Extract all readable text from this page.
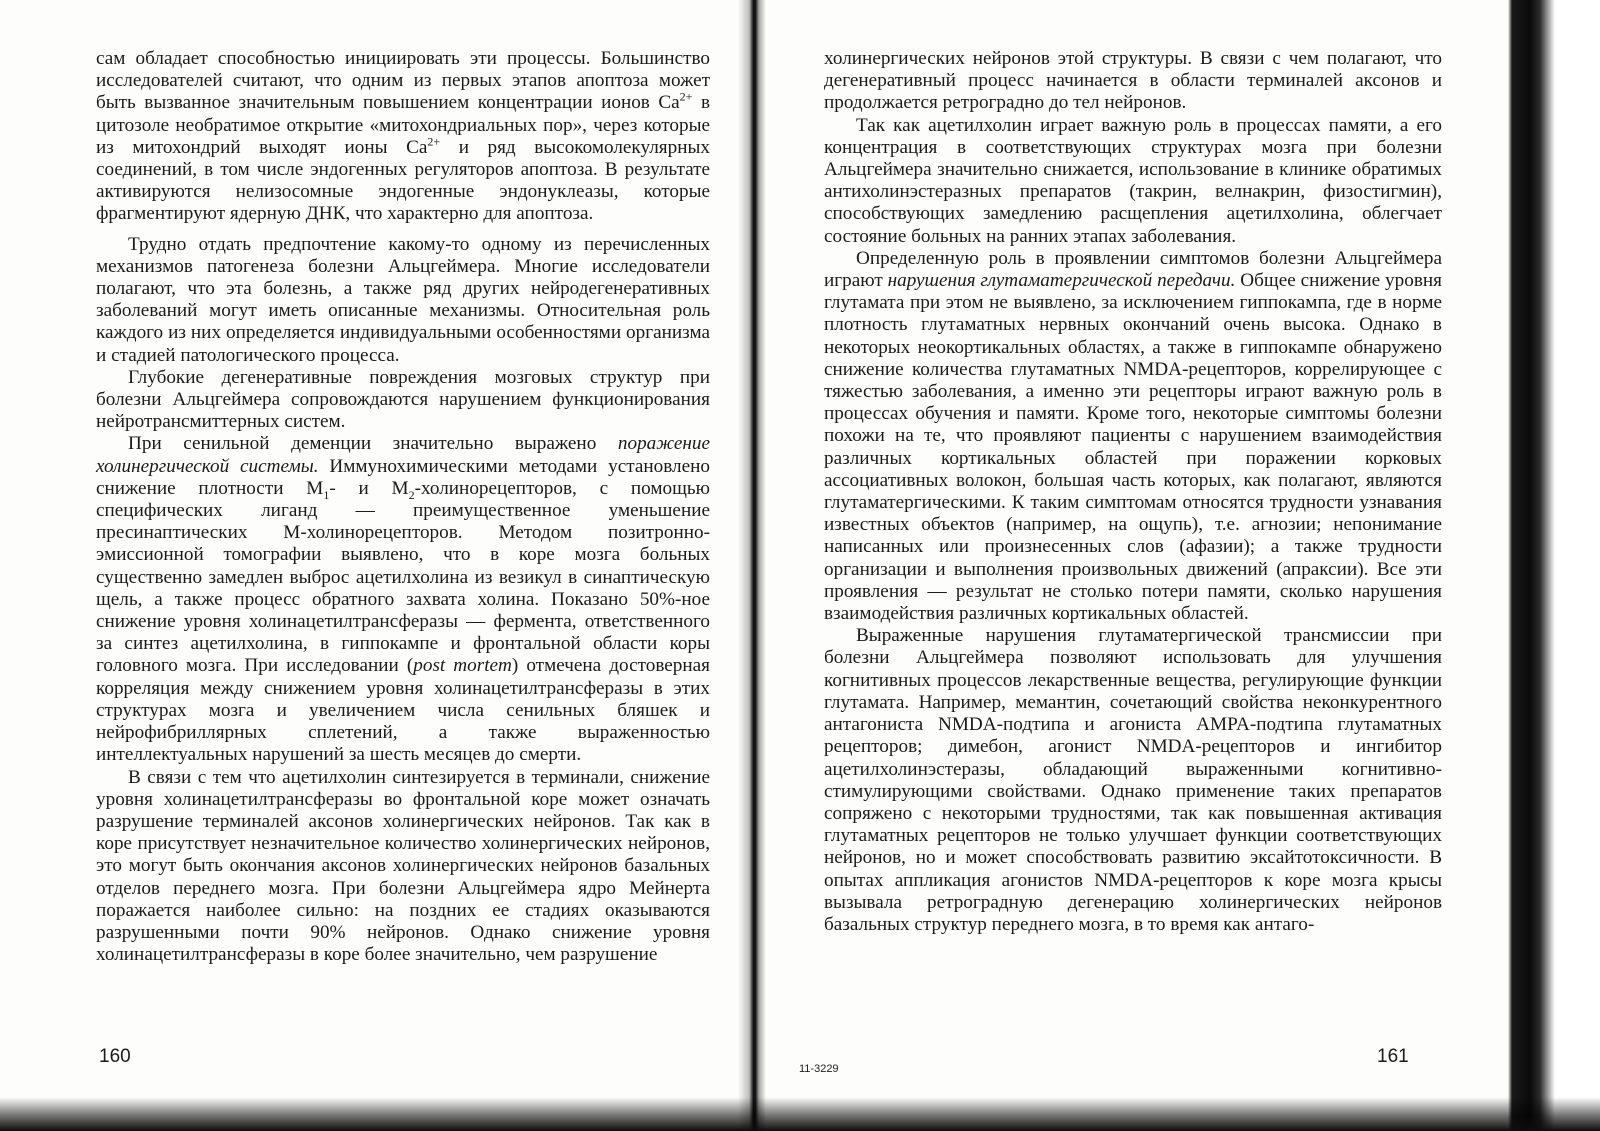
сам обладает способностью инициировать эти процессы. Большинство исследователей считают, что одним из первых этапов апоптоза может быть вызванное значительным повышением концентрации ионов $Са^{2+}$ в цитозоле необратимое открытие «митохондриальных пор», через которые из митохондрий выходят ионы $Са^{2+}$ и ряд высокомолекулярных соединений, в том числе эндогенных регуляторов апоптоза. В результате активируются нелизосомные эндогенные эндонуклеазы, которые фрагментируют ядерную ДНК, что характерно для апоптоза.

Трудно отдать предпочтение какому-то одному из перечисленных механизмов патогенеза болезни Альцгеймера. Многие исследователи полагают, что эта болезнь, а также ряд других нейродегенеративных заболеваний могут иметь описанные механизмы. Относительная роль каждого из них определяется индивидуальными особенностями организма и стадией патологического процесса.

Глубокие дегенеративные повреждения мозговых структур при болезни Альцгеймера сопровождаются нарушением функционирования нейротрансмиттерных систем.

При сенильной деменции значительно выражено поражение холинергической системы. Иммунохимическими методами установлено снижение плотности $М_1-$ и $М_2$-холинорецепторов, с помощью специфических лиганд — преимущественное уменьшение пресинаптических М-холинорецепторов. Методом позитронно-эмиссионной томографии выявлено, что в коре мозга больных существенно замедлен выброс ацетилхолина из везикул в синаптическую щель, а также процесс обратного захвата холина. Показано 50%-ное снижение уровня холинацетилтрансферазы — фермента, ответственного за синтез ацетилхолина, в гиппокампе и фронтальной области коры головного мозга. При исследовании (post mortem) отмечена достоверная корреляция между снижением уровня холинацетилтрансферазы в этих структурах мозга и увеличением числа сенильных бляшек и нейрофибриллярных сплетений, а также выраженностью интеллектуальных нарушений за шесть месяцев до смерти.

В связи с тем что ацетилхолин синтезируется в терминали, снижение уровня холинацетилтрансферазы во фронтальной коре может означать разрушение терминалей аксонов холинергических нейронов. Так как в коре присутствует незначительное количество холинергических нейронов, это могут быть окончания аксонов холинергических нейронов базальных отделов переднего мозга. При болезни Альцгеймера ядро Мейнерта поражается наиболее сильно: на поздних ее стадиях оказываются разрушенными почти 90% нейронов. Однако снижение уровня холинацетилтрансферазы в коре более значительно, чем разрушение

160

холинергических нейронов этой структуры. В связи с чем полагают, что дегенеративный процесс начинается в области терминалей аксонов и продолжается ретроградно до тел нейронов.

Так как ацетилхолин играет важную роль в процессах памяти, а его концентрация в соответствующих структурах мозга при болезни Альцгеймера значительно снижается, использование в клинике обратимых антихолинэстеразных препаратов (такрин, велнакрин, физостигмин), способствующих замедлению расщепления ацетилхолина, облегчает состояние больных на ранних этапах заболевания.

Определенную роль в проявлении симптомов болезни Альцгеймера играют нарушения глутаматергической передачи. Общее снижение уровня глутамата при этом не выявлено, за исключением гиппокампа, где в норме плотность глутаматных нервных окончаний очень высока. Однако в некоторых неокортикальных областях, а также в гиппокампе обнаружено снижение количества глутаматных NMDA-рецепторов, коррелирующее с тяжестью заболевания, а именно эти рецепторы играют важную роль в процессах обучения и памяти. Кроме того, некоторые симптомы болезни похожи на те, что проявляют пациенты с нарушением взаимодействия различных кортикальных областей при поражении корковых ассоциативных волокон, большая часть которых, как полагают, являются глутаматергическими. К таким симптомам относятся трудности узнавания известных объектов (например, на ощупь), т.е. агнозии; непонимание написанных или произнесенных слов (афазии); а также трудности организации и выполнения произвольных движений (апраксии). Все эти проявления — результат не столько потери памяти, сколько нарушения взаимодействия различных кортикальных областей.

Выраженные нарушения глутаматергической трансмиссии при болезни Альцгеймера позволяют использовать для улучшения когнитивных процессов лекарственные вещества, регулирующие функции глутамата. Например, мемантин, сочетающий свойства неконкурентного антагониста NMDA-подтипа и агониста AMPA-подтипа глутаматных рецепторов; димебон, агонист NMDA-рецепторов и ингибитор ацетилхолинэстеразы, обладающий выраженными когнитивно-стимулирующими свойствами. Однако применение таких препаратов сопряжено с некоторыми трудностями, так как повышенная активация глутаматных рецепторов не только улучшает функции соответствующих нейронов, но и может способствовать развитию эксайтотоксичности. В опытах аппликация агонистов NMDA-рецепторов к коре мозга крысы вызывала ретроградную дегенерацию холинергических нейронов базальных структур переднего мозга, в то время как антаго-

11-3229
161
